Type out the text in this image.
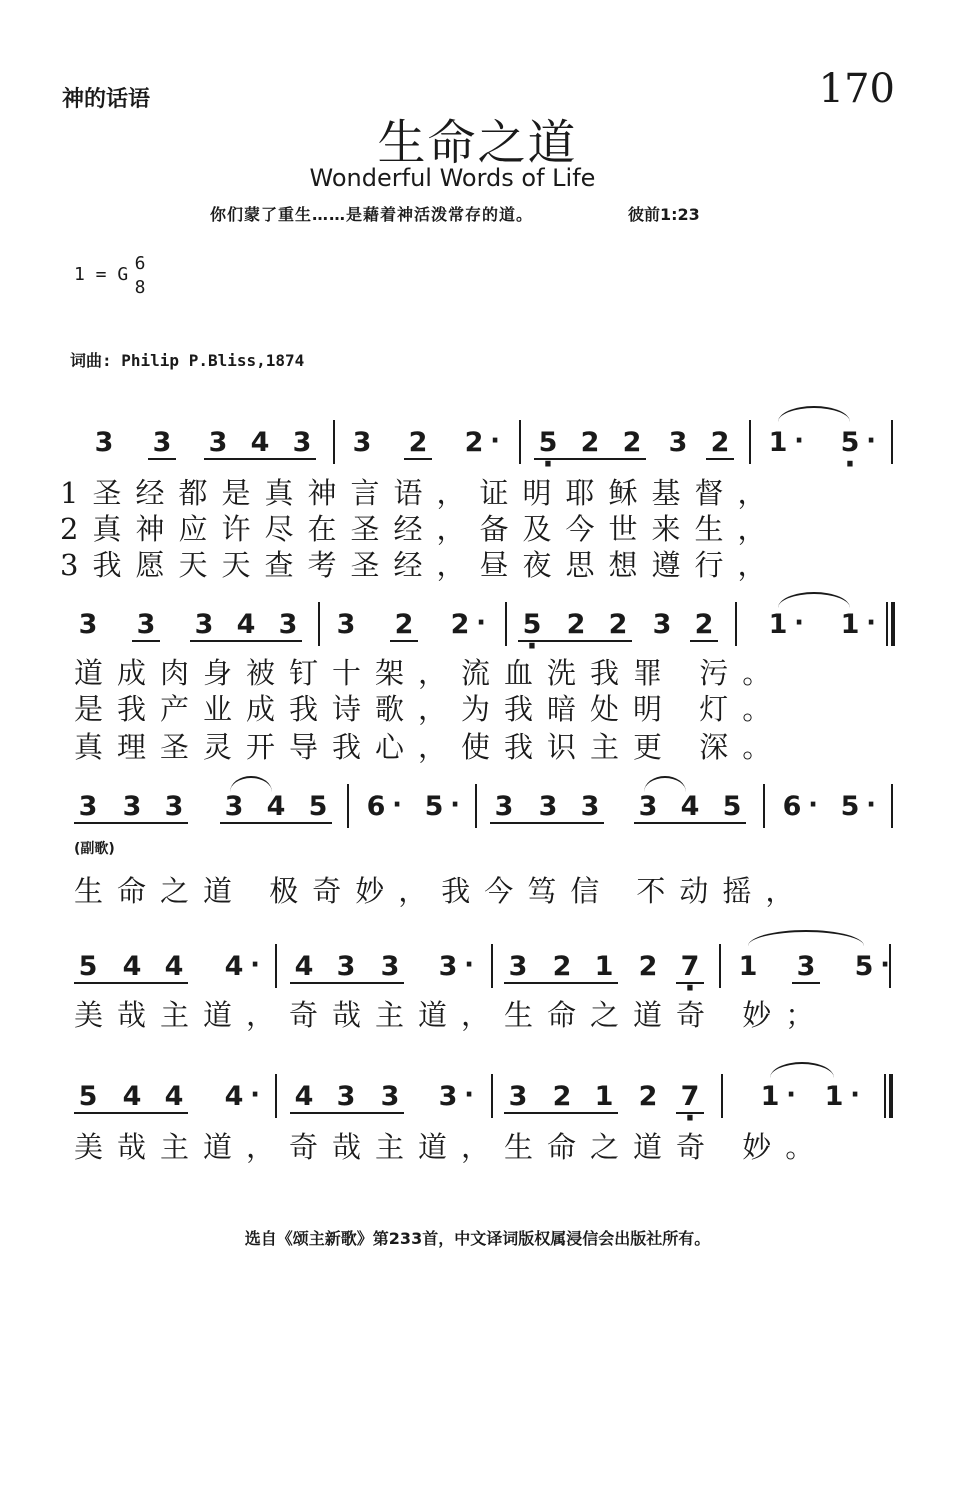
神的话语	170
生命之道
Wonderful Words of Life
你们蒙了重生……是藉着神活泼常存的道。	彼前1:23
1 = G
6
8
词曲: Philip P.Bliss,1874
3 3 3 4 3 3 2 2 · · 5 2 2 3 2 1 · · 5 ·
1圣经都是真神言语，证明耶稣基督，
2真神应许尽在圣经，备及今世来生，
3我愿天天查考圣经，昼夜思想遵行，
3 3 3 4 3 3 2 2 · · 5 2 2 3 2 1 · 1 ·
道成肉身被钉十架，流血洗我罪 污。
是我产业成我诗歌，为我暗处明 灯。
真理圣灵开导我心，使我识主更 深。
3 3 3 3 4 5 6 · 5 · 3 3 3 3 4 5 6 · 5 ·
(副歌)
生命之道 极奇妙，我今笃信 不动摇，
5 4 4 4 · 4 3 3 3 · 3 2 1 2 · 7 1 3 5 ·
美哉主道，奇哉主道，生命之道奇 妙；
5 4 4 4 · 4 3 3 3 · 3 2 1 2 · 7 1 · 1 ·
美哉主道，奇哉主道，生命之道奇 妙。
选自《颂主新歌》第233首，中文译词版权属浸信会出版社所有。
